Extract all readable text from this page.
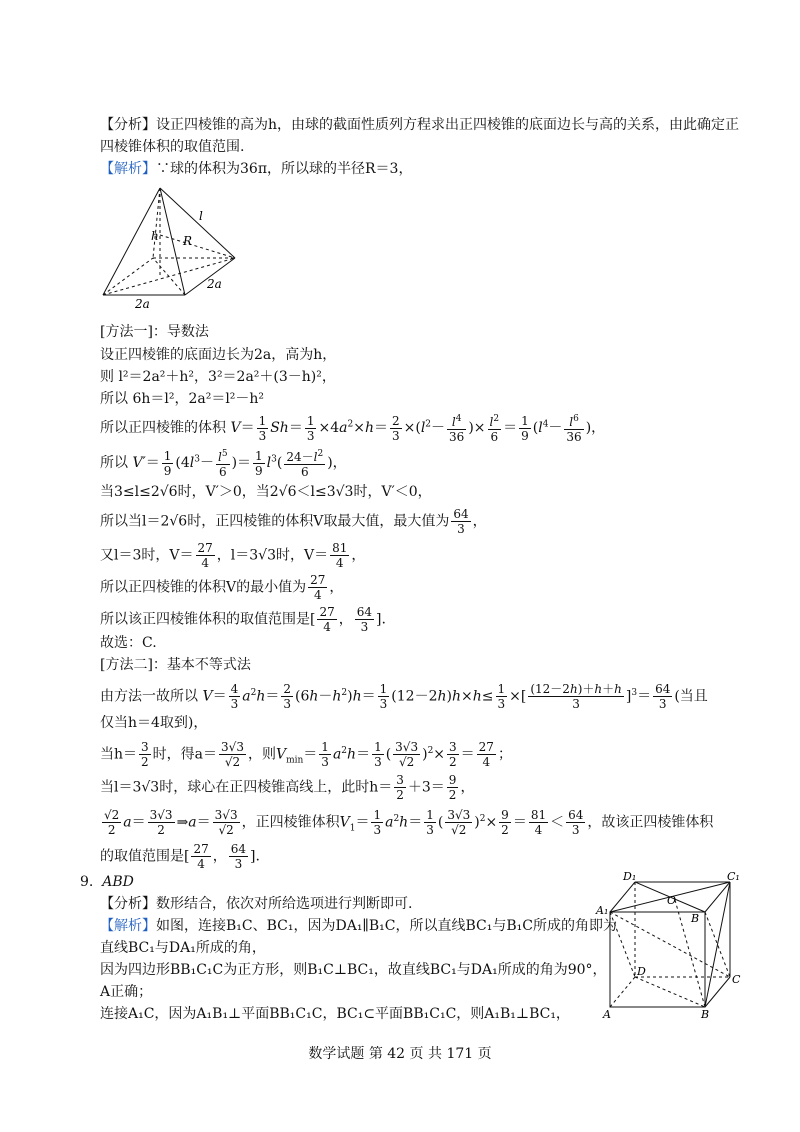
【分析】设正四棱锥的高为h，由球的截面性质列方程求出正四棱锥的底面边长与高的关系，由此确定正
四棱锥体积的取值范围.
【解析】∵球的体积为36π，所以球的半径R＝3，
l
h R
2a
2a
[方法一]：导数法
设正四棱锥的底面边长为2a，高为h，
则 l²＝2a²＋h²，3²＝2a²＋(3－h)²，
所以 6h＝l²，2a²＝l²－h²
所以正四棱锥的体积 $V= \frac{1}{3} Sh= \frac{1}{3} \times 4a^2\times h= \frac{2}{3} \times(l^2- \frac{l^4}{36}$ )× $\frac{l^2}{6} = \frac{1}{9} (l^4- \frac{l^6}{36}$ )，
所以 $V'= \frac{1}{9} (4l^3- \frac{l^5}{6}$ )＝ $\frac{1}{9} l^3( \frac{24-l^2}{6}$ )，
当3≤l≤2√6时，V′＞0，当2√6＜l≤3√3时，V′＜0，
所以当l＝2√6时，正四棱锥的体积V取最大值，最大值为 $\frac{64}{3}$ ，
又l＝3时，$V= \frac{27}{4}$ ，l＝3√3时，$V= \frac{81}{4}$ ，
所以正四棱锥的体积V的最小值为 $\frac{27}{4}$ ，
所以该正四棱锥体积的取值范围是[ $\frac{27}{4}$ ， $\frac{64}{3}$ ].
故选：C.
[方法二]：基本不等式法
由方法一故所以 $V= \frac{4}{3} a^2h= \frac{2}{3} (6h-h^2)h= \frac{1}{3} (12-2h)h\times h\le \frac{1}{3}$ ×[ $\frac{(12-2h)+h+h}{3} ]^3= \frac{64}{3}$ (当且
仅当h＝4取到)，
当$h= \frac{3}{2}$ 时，得$a= \frac{3√3}{√2}$ ，则$V_{min}= \frac{1}{3} a^2h= \frac{1}{3}$ ( $\frac{3√3}{√2} )^2\times \frac{3}{2} = \frac{27}{4}$ ；
当l＝3√3时，球心在正四棱锥高线上，此时$h= \frac{3}{2} +3= \frac{9}{2}$ ，
$\frac{√2}{2} a= \frac{3√3}{2}$ ⇒a＝ $\frac{3√3}{√2}$ ，正四棱锥体积$V_1= \frac{1}{3} a^2h= \frac{1}{3}$ ( $\frac{3√3}{√2} )^2\times \frac{9}{2} = \frac{81}{4} < \frac{64}{3}$ ，故该正四棱锥体积
的取值范围是[ $\frac{27}{4}$ ， $\frac{64}{3}$ ].
9. ABD
【分析】数形结合，依次对所给选项进行判断即可.
【解析】如图，连接B₁C、BC₁，因为DA₁∥B₁C，所以直线BC₁与B₁C所成的角即为
直线BC₁与DA₁所成的角，
因为四边形BB₁C₁C为正方形，则B₁C⊥BC₁，故直线BC₁与DA₁所成的角为90°，
A正确；
连接A₁C，因为A₁B₁⊥平面BB₁C₁C，BC₁⊂平面BB₁C₁C，则A₁B₁⊥BC₁，
D₁	C₁
A₁
O
B
D
C
A	B
数学试题 第 42 页 共 171 页
